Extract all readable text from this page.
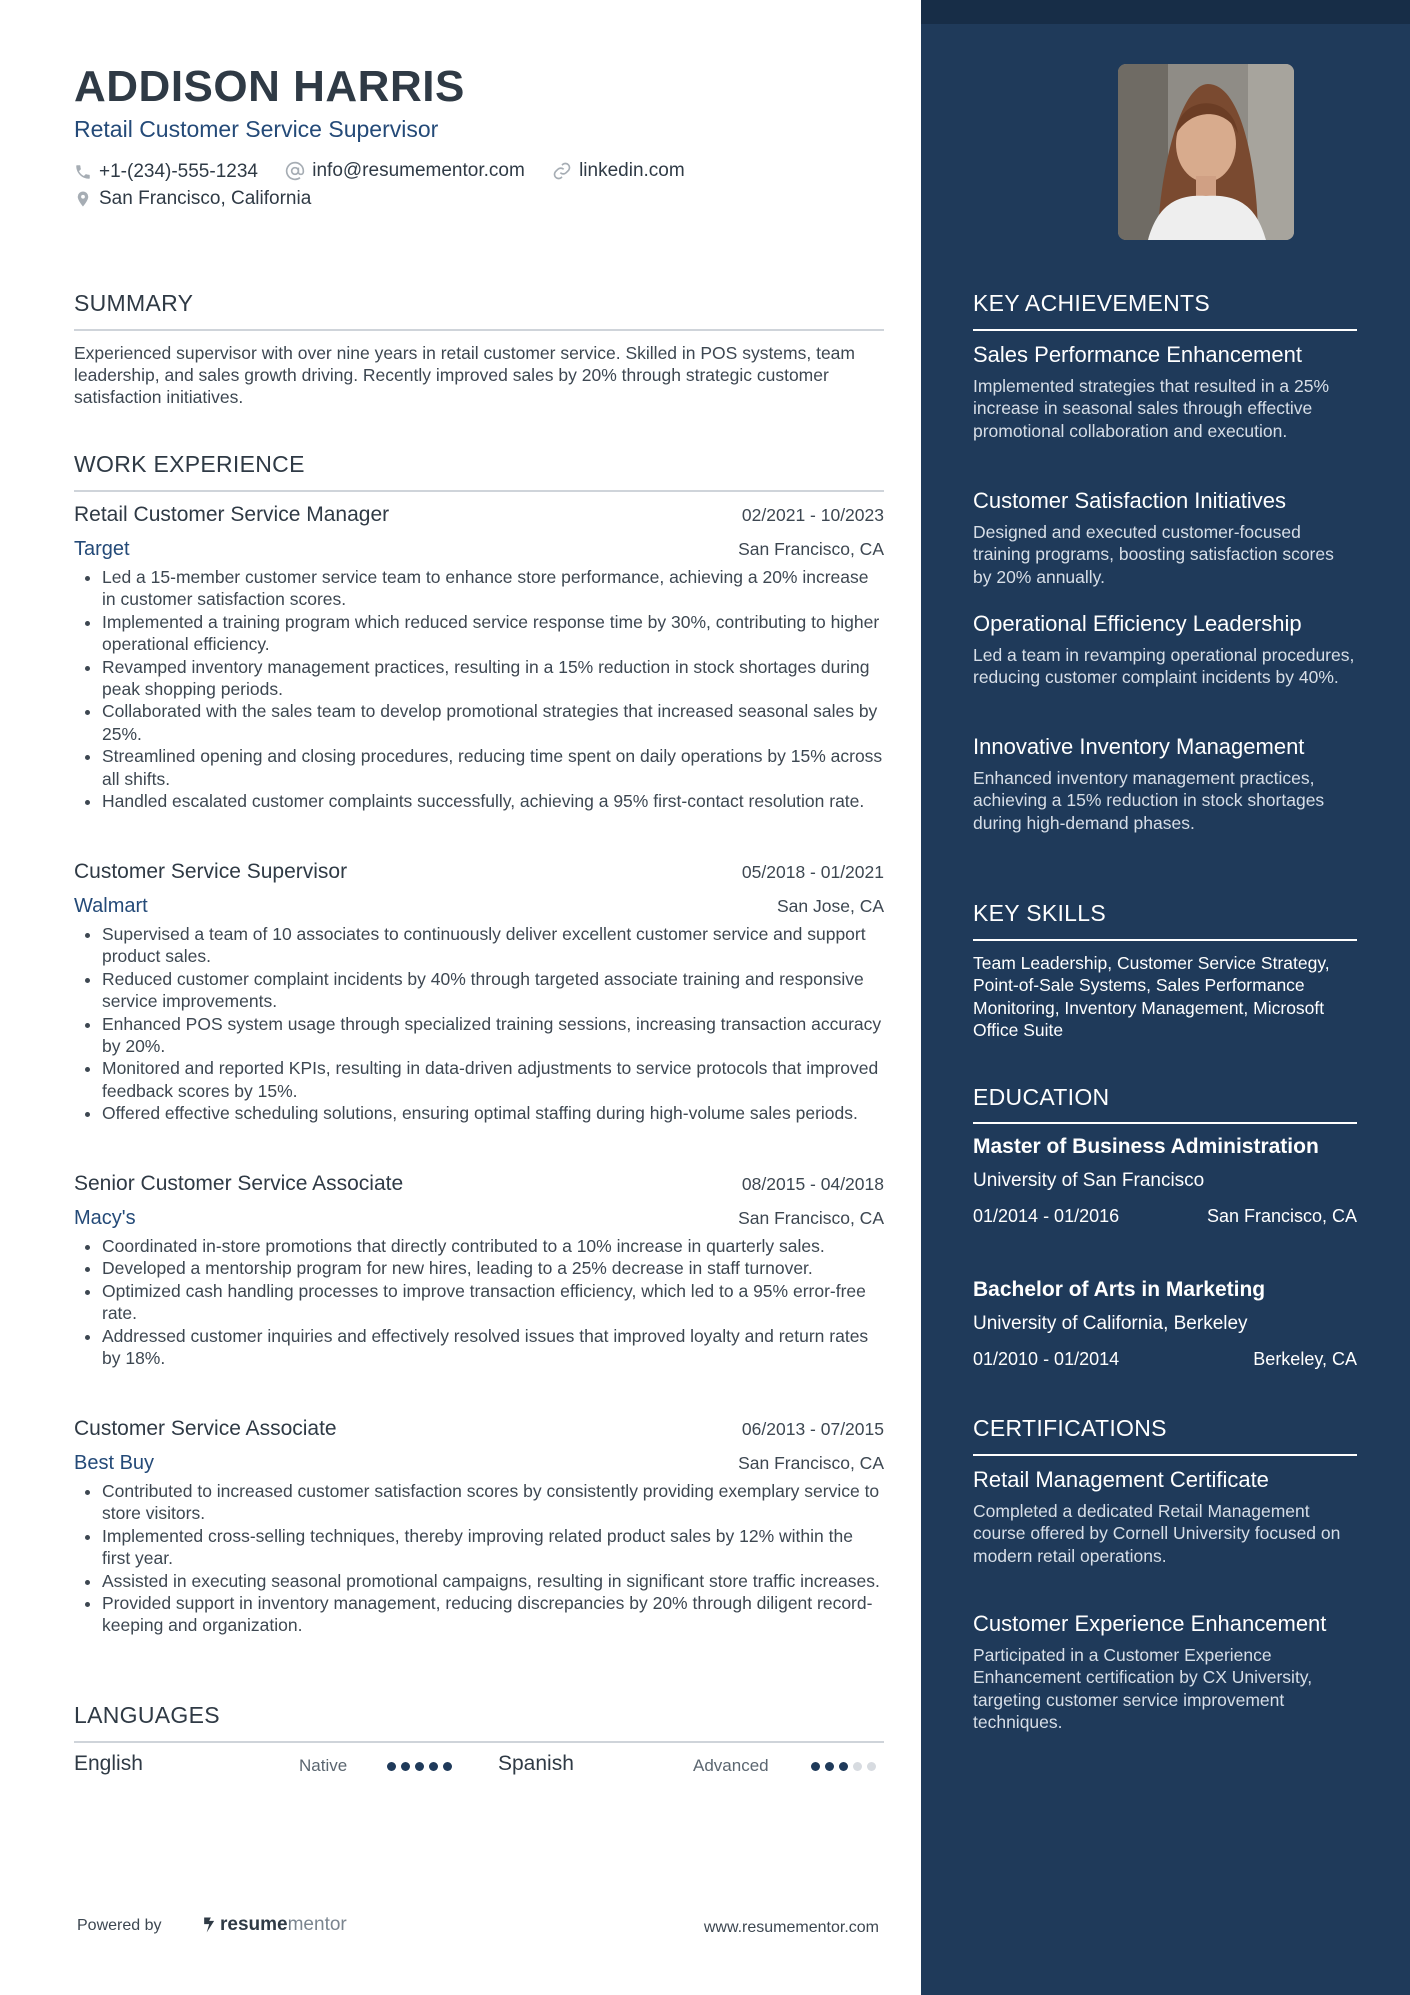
ADDISON HARRIS
Retail Customer Service Supervisor
+1-(234)-555-1234
	info@resumementor.com
	linkedin.com
San Francisco, California
SUMMARY
Experienced supervisor with over nine years in retail customer service. Skilled in POS systems, team leadership, and sales growth driving. Recently improved sales by 20% through strategic customer satisfaction initiatives.
WORK EXPERIENCE
Retail Customer Service Manager	02/2021 - 10/2023
Target	San Francisco, CA
• Led a 15-member customer service team to enhance store performance, achieving a 20% increase in customer satisfaction scores.
• Implemented a training program which reduced service response time by 30%, contributing to higher operational efficiency.
• Revamped inventory management practices, resulting in a 15% reduction in stock shortages during peak shopping periods.
• Collaborated with the sales team to develop promotional strategies that increased seasonal sales by 25%.
• Streamlined opening and closing procedures, reducing time spent on daily operations by 15% across all shifts.
• Handled escalated customer complaints successfully, achieving a 95% first-contact resolution rate.
Customer Service Supervisor	05/2018 - 01/2021
Walmart	San Jose, CA
• Supervised a team of 10 associates to continuously deliver excellent customer service and support product sales.
• Reduced customer complaint incidents by 40% through targeted associate training and responsive service improvements.
• Enhanced POS system usage through specialized training sessions, increasing transaction accuracy by 20%.
• Monitored and reported KPIs, resulting in data-driven adjustments to service protocols that improved feedback scores by 15%.
• Offered effective scheduling solutions, ensuring optimal staffing during high-volume sales periods.
Senior Customer Service Associate	08/2015 - 04/2018
Macy's	San Francisco, CA
• Coordinated in-store promotions that directly contributed to a 10% increase in quarterly sales.
• Developed a mentorship program for new hires, leading to a 25% decrease in staff turnover.
• Optimized cash handling processes to improve transaction efficiency, which led to a 95% error-free rate.
• Addressed customer inquiries and effectively resolved issues that improved loyalty and return rates by 18%.
Customer Service Associate	06/2013 - 07/2015
Best Buy	San Francisco, CA
• Contributed to increased customer satisfaction scores by consistently providing exemplary service to store visitors.
• Implemented cross-selling techniques, thereby improving related product sales by 12% within the first year.
• Assisted in executing seasonal promotional campaigns, resulting in significant store traffic increases.
• Provided support in inventory management, reducing discrepancies by 20% through diligent record-keeping and organization.
LANGUAGES
English	Native	Spanish	Advanced
Powered by	resume mentor	www.resumementor.com
KEY ACHIEVEMENTS
Sales Performance Enhancement
Implemented strategies that resulted in a 25% increase in seasonal sales through effective promotional collaboration and execution.
Customer Satisfaction Initiatives
Designed and executed customer-focused training programs, boosting satisfaction scores by 20% annually.
Operational Efficiency Leadership
Led a team in revamping operational procedures, reducing customer complaint incidents by 40%.
Innovative Inventory Management
Enhanced inventory management practices, achieving a 15% reduction in stock shortages during high-demand phases.
KEY SKILLS
Team Leadership, Customer Service Strategy, Point-of-Sale Systems, Sales Performance Monitoring, Inventory Management, Microsoft Office Suite
EDUCATION
Master of Business Administration
University of San Francisco
01/2014 - 01/2016	San Francisco, CA
Bachelor of Arts in Marketing
University of California, Berkeley
01/2010 - 01/2014	Berkeley, CA
CERTIFICATIONS
Retail Management Certificate
Completed a dedicated Retail Management course offered by Cornell University focused on modern retail operations.
Customer Experience Enhancement
Participated in a Customer Experience Enhancement certification by CX University, targeting customer service improvement techniques.
